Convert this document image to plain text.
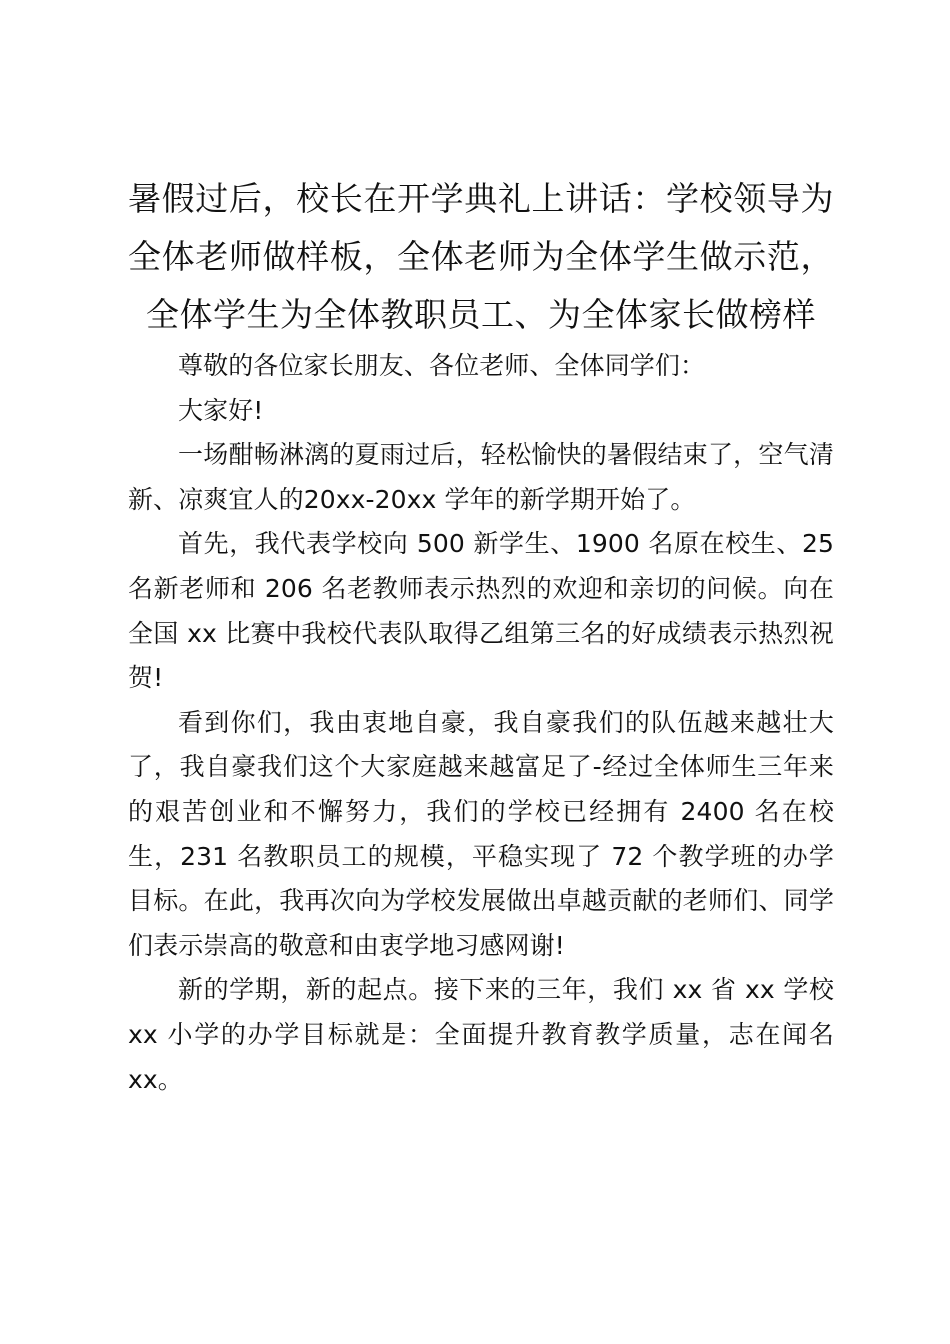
暑假过后，校长在开学典礼上讲话：学校领导为全体老师做样板，全体老师为全体学生做示范，全体学生为全体教职员工、为全体家长做榜样

尊敬的各位家长朋友、各位老师、全体同学们：

大家好!

一场酣畅淋漓的夏雨过后，轻松愉快的暑假结束了，空气清新、凉爽宜人的20xx-20xx 学年的新学期开始了。

首先，我代表学校向 500 新学生、1900 名原在校生、25 名新老师和 206 名老教师表示热烈的欢迎和亲切的问候。向在全国 xx 比赛中我校代表队取得乙组第三名的好成绩表示热烈祝贺!

看到你们，我由衷地自豪，我自豪我们的队伍越来越壮大了，我自豪我们这个大家庭越来越富足了-经过全体师生三年来的艰苦创业和不懈努力，我们的学校已经拥有 2400 名在校生，231 名教职员工的规模，平稳实现了 72 个教学班的办学目标。在此，我再次向为学校发展做出卓越贡献的老师们、同学们表示崇高的敬意和由衷学地习感网谢!

新的学期，新的起点。接下来的三年，我们 xx 省 xx 学校 xx 小学的办学目标就是：全面提升教育教学质量，志在闻名 xx。
